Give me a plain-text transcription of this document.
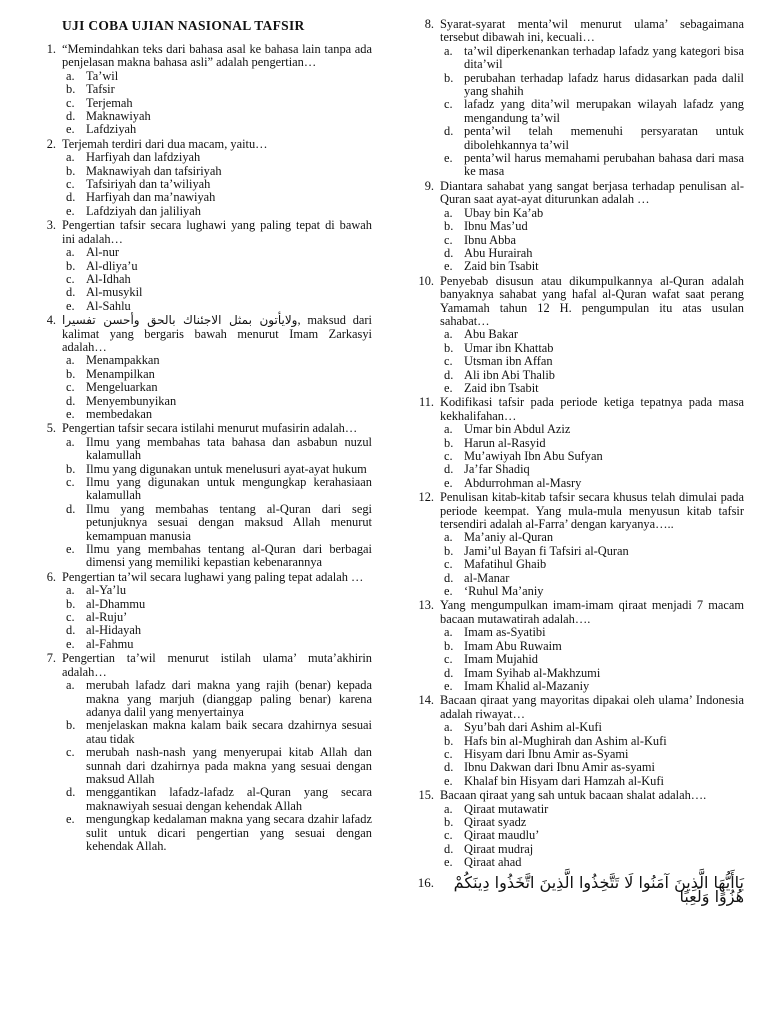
UJI COBA UJIAN NASIONAL TAFSIR
1. “Memindahkan teks dari bahasa asal ke bahasa lain tanpa ada penjelasan makna bahasa asli” adalah pengertian…
a. Ta’wil
b. Tafsir
c. Terjemah
d. Maknawiyah
e. Lafdziyah
2. Terjemah terdiri dari dua macam, yaitu…
a. Harfiyah dan lafdziyah
b. Maknawiyah dan tafsiriyah
c. Tafsiriyah dan ta’wiliyah
d. Harfiyah dan ma’nawiyah
e. Lafdziyah dan jaliliyah
3. Pengertian tafsir secara lughawi yang paling tepat di bawah ini adalah…
a. Al-nur
b. Al-dliya’u
c. Al-Idhah
d. Al-musykil
e. Al-Sahlu
4. ولايأتون بمثل الاجئناك بالحق وأحسن تفسيرا, maksud dari kalimat yang bergaris bawah menurut Imam Zarkasyi adalah…
a. Menampakkan
b. Menampilkan
c. Mengeluarkan
d. Menyembunyikan
e. membedakan
5. Pengertian tafsir secara istilahi menurut mufasirin adalah…
a. Ilmu yang membahas tata bahasa dan asbabun nuzul kalamullah
b. Ilmu yang digunakan untuk menelusuri ayat-ayat hukum
c. Ilmu yang digunakan untuk mengungkap kerahasiaan kalamullah
d. Ilmu yang membahas tentang al-Quran dari segi petunjuknya sesuai dengan maksud Allah menurut kemampuan manusia
e. Ilmu yang membahas tentang al-Quran dari berbagai dimensi yang memiliki kepastian kebenarannya
6. Pengertian ta’wil secara lughawi yang paling tepat adalah …
a. al-Ya’lu
b. al-Dhammu
c. al-Ruju’
d. al-Hidayah
e. al-Fahmu
7. Pengertian ta’wil menurut istilah ulama’ muta’akhirin adalah…
a. merubah lafadz dari makna yang rajih (benar) kepada makna yang marjuh (dianggap paling benar) karena adanya dalil yang menyertainya
b. menjelaskan makna kalam baik secara dzahirnya sesuai atau tidak
c. merubah nash-nash yang menyerupai kitab Allah dan sunnah dari dzahirnya pada makna yang sesuai dengan maksud Allah
d. menggantikan lafadz-lafadz al-Quran yang secara maknawiyah sesuai dengan kehendak Allah
e. mengungkap kedalaman makna yang secara dzahir lafadz sulit untuk dicari pengertian yang sesuai dengan kehendak Allah.
8. Syarat-syarat menta’wil menurut ulama’ sebagaimana tersebut dibawah ini, kecuali…
a. ta’wil diperkenankan terhadap lafadz yang kategori bisa dita’wil
b. perubahan terhadap lafadz harus didasarkan pada dalil yang shahih
c. lafadz yang dita’wil merupakan wilayah lafadz yang mengandung ta’wil
d. penta’wil telah memenuhi persyaratan untuk dibolehkannya ta’wil
e. penta’wil harus memahami perubahan bahasa dari masa ke masa
9. Diantara sahabat yang sangat berjasa terhadap penulisan al-Quran saat ayat-ayat diturunkan adalah …
a. Ubay bin Ka’ab
b. Ibnu Mas’ud
c. Ibnu Abba
d. Abu Hurairah
e. Zaid bin Tsabit
10. Penyebab disusun atau dikumpulkannya al-Quran adalah banyaknya sahabat yang hafal al-Quran wafat saat perang Yamamah tahun 12 H. pengumpulan itu atas usulan sahabat…
a. Abu Bakar
b. Umar ibn Khattab
c. Utsman ibn Affan
d. Ali ibn Abi Thalib
e. Zaid ibn Tsabit
11. Kodifikasi tafsir pada periode ketiga tepatnya pada masa kekhalifahan…
a. Umar bin Abdul Aziz
b. Harun al-Rasyid
c. Mu’awiyah Ibn Abu Sufyan
d. Ja’far Shadiq
e. Abdurrohman al-Masry
12. Penulisan kitab-kitab tafsir secara khusus telah dimulai pada periode keempat. Yang mula-mula menyusun kitab tafsir tersendiri adalah al-Farra’ dengan karyanya…..
a. Ma’aniy al-Quran
b. Jami’ul Bayan fi Tafsiri al-Quran
c. Mafatihul Ghaib
d. al-Manar
e. ‘Ruhul Ma’aniy
13. Yang mengumpulkan imam-imam qiraat menjadi 7 macam bacaan mutawatirah adalah….
a. Imam as-Syatibi
b. Imam Abu Ruwaim
c. Imam Mujahid
d. Imam Syihab al-Makhzumi
e. Imam Khalid al-Mazaniy
14. Bacaan qiraat yang mayoritas dipakai oleh ulama’ Indonesia adalah riwayat…
a. Syu’bah dari Ashim al-Kufi
b. Hafs bin al-Mughirah dan Ashim al-Kufi
c. Hisyam dari Ibnu Amir as-Syami
d. Ibnu Dakwan dari Ibnu Amir as-syami
e. Khalaf bin Hisyam dari Hamzah al-Kufi
15. Bacaan qiraat yang sah untuk bacaan shalat adalah….
a. Qiraat mutawatir
b. Qiraat syadz
c. Qiraat maudlu’
d. Qiraat mudraj
e. Qiraat ahad
16.	يَاأَيُّهَا الَّذِينَ آمَنُوا لَا تَتَّخِذُوا الَّذِينَ اتَّخَذُوا دِينَكُمْ هُزُوًا وَلَعِبًا
